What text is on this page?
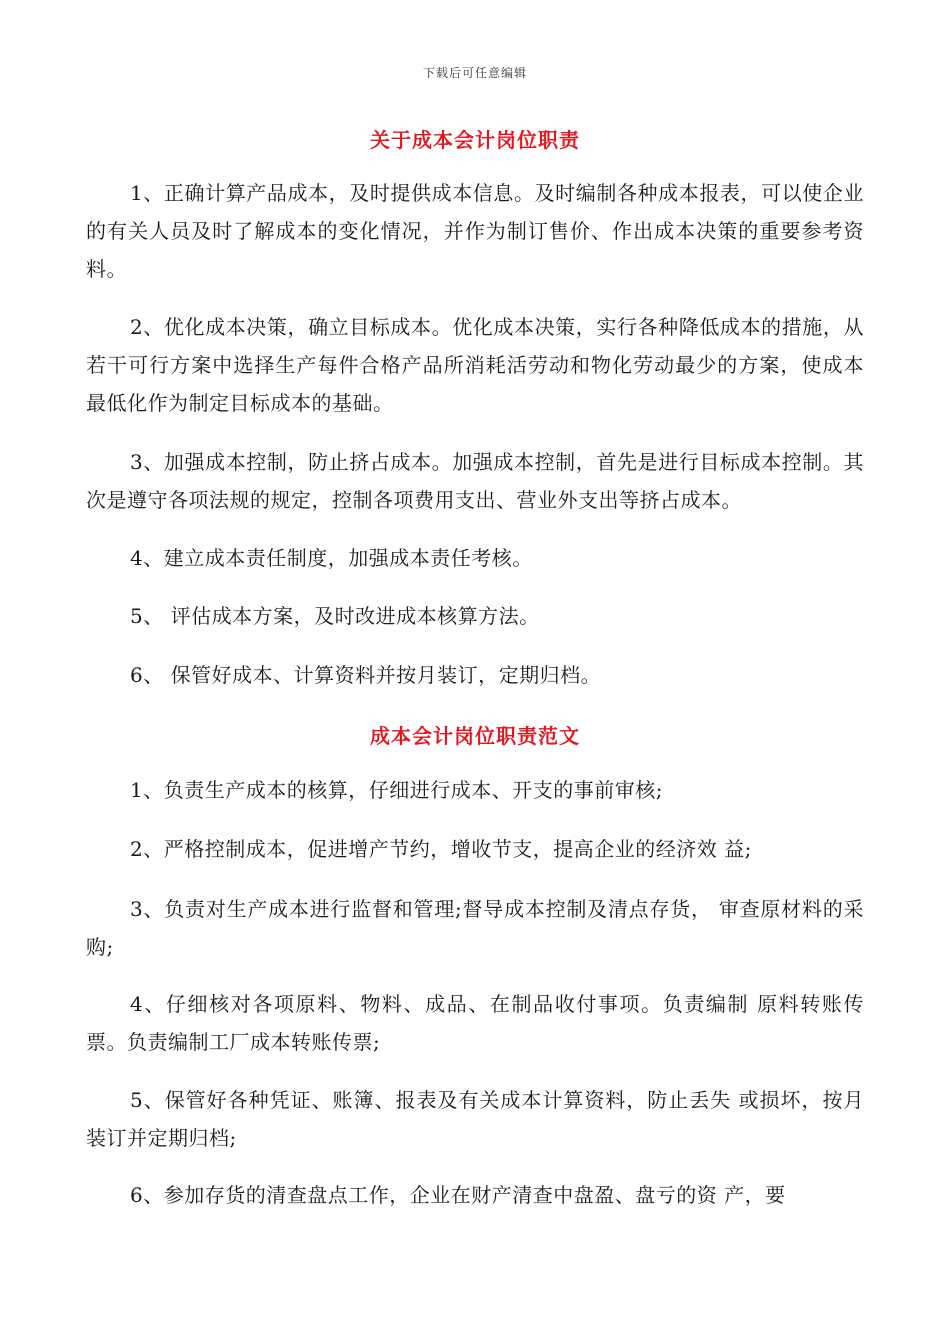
下载后可任意编辑
关于成本会计岗位职责
1、正确计算产品成本，及时提供成本信息。及时编制各种成本报表，可以使企业的有关人员及时了解成本的变化情况，并作为制订售价、作出成本决策的重要参考资料。
2、优化成本决策，确立目标成本。优化成本决策，实行各种降低成本的措施，从若干可行方案中选择生产每件合格产品所消耗活劳动和物化劳动最少的方案，使成本最低化作为制定目标成本的基础。
3、加强成本控制，防止挤占成本。加强成本控制，首先是进行目标成本控制。其次是遵守各项法规的规定，控制各项费用支出、营业外支出等挤占成本。
4、建立成本责任制度，加强成本责任考核。
5、 评估成本方案，及时改进成本核算方法。
6、 保管好成本、计算资料并按月装订，定期归档。
成本会计岗位职责范文
1、负责生产成本的核算，仔细进行成本、开支的事前审核;
2、严格控制成本，促进增产节约，增收节支，提高企业的经济效 益;
3、负责对生产成本进行监督和管理;督导成本控制及清点存货， 审查原材料的采购;
4、仔细核对各项原料、物料、成品、在制品收付事项。负责编制 原料转账传票。负责编制工厂成本转账传票;
5、保管好各种凭证、账簿、报表及有关成本计算资料，防止丢失 或损坏，按月装订并定期归档;
6、参加存货的清查盘点工作，企业在财产清查中盘盈、盘亏的资 产，要
